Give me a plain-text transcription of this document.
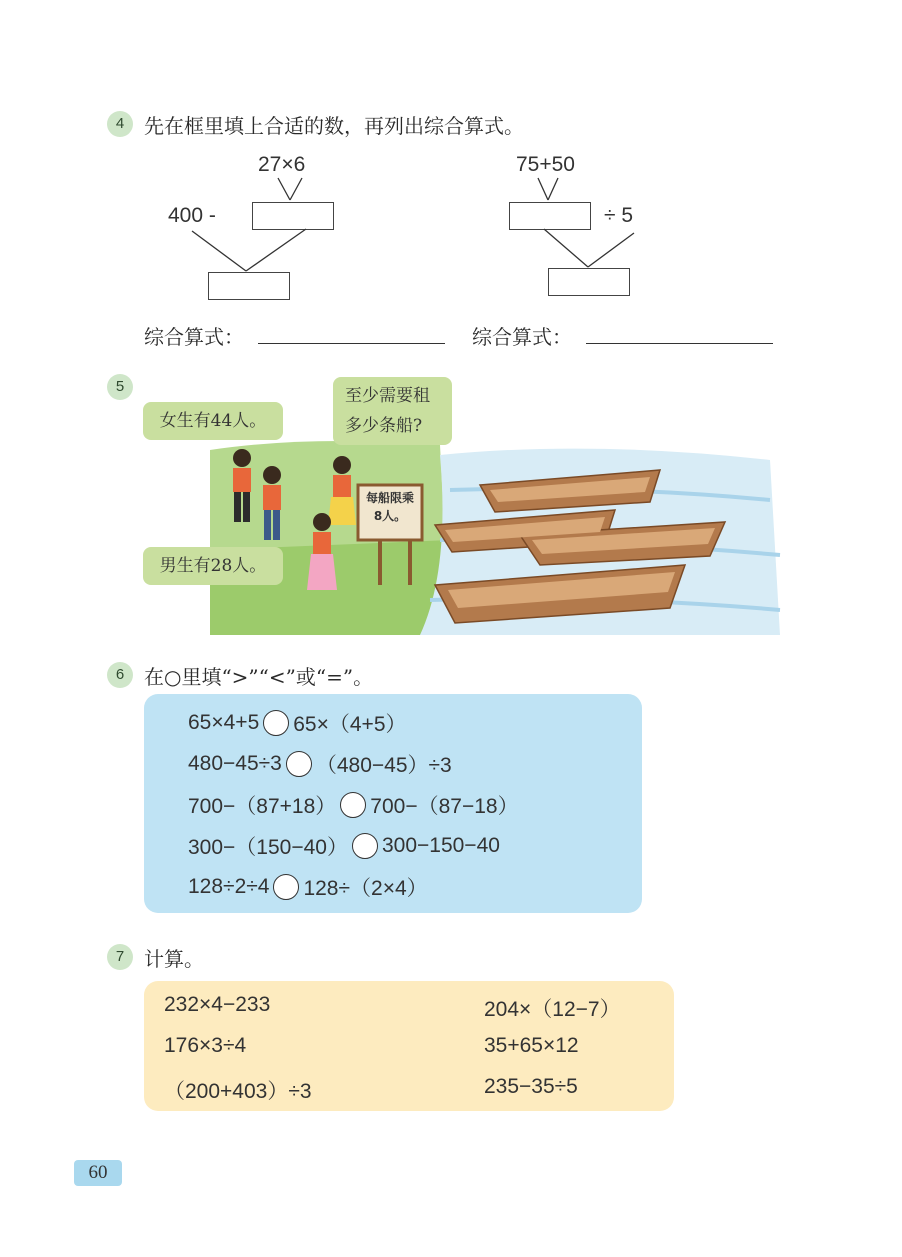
4 先在框里填上合适的数，再列出综合算式。
27×6
400 -
75+50
÷ 5
综合算式：	综合算式：
5
每船限乘
8人。
女生有44人。
至少需要租
多少条船?
男生有28人。
6 在○里填“>”“<”或“=”。
65×4+5 65×（4+5）
480−45÷3 （480−45）÷3
700−（87+18） 700−（87−18）
300−（150−40） 300−150−40
128÷2÷4 128÷（2×4）
7 计算。
232×4−233	204×（12−7）
176×3÷4	35+65×12
（200+403）÷3	235−35÷5
60
